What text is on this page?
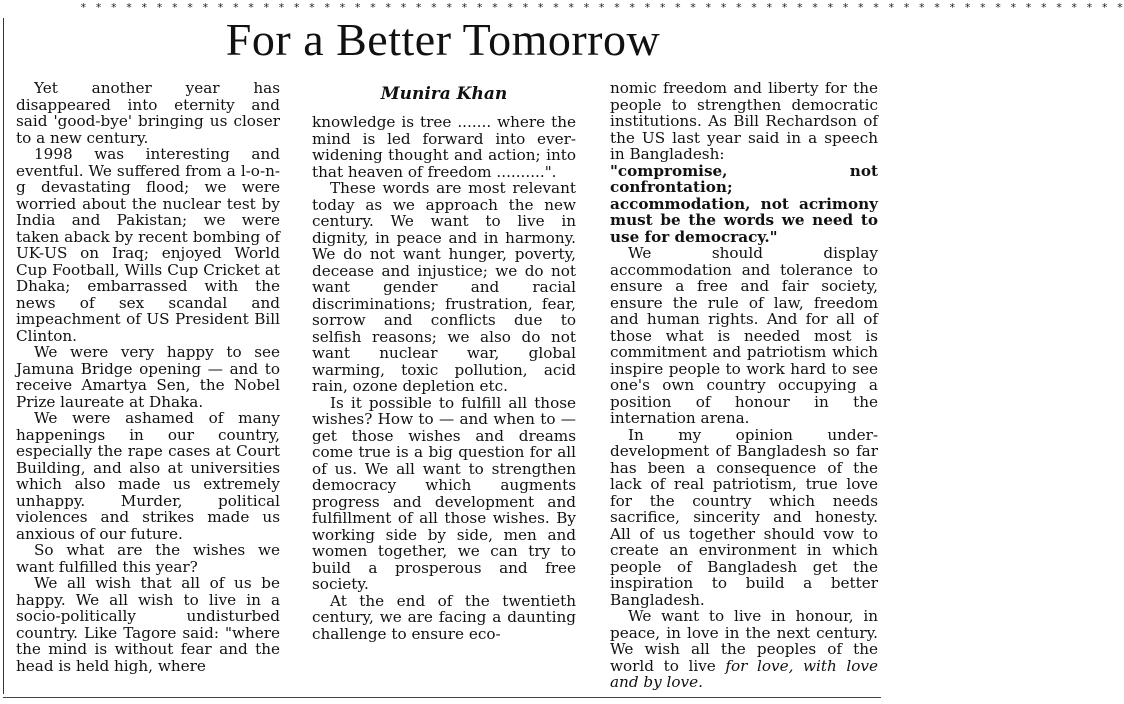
* * * * * * * * * * * * * * * * * * * * * * * * * * * * * * * * * * * * * * * * * * * * * * * * * * * * * * * * * * * * * * * * * * * * *
For a Better Tomorrow

Yet another year has disappeared into eternity and said 'good-bye' bringing us closer to a new century.

1998 was interesting and eventful. We suffered from a l-o-n-g devastating flood; we were worried about the nuclear test by India and Pakistan; we were taken aback by recent bombing of UK-US on Iraq; enjoyed World Cup Football, Wills Cup Cricket at Dhaka; embarrassed with the news of sex scandal and impeachment of US President Bill Clinton.

We were very happy to see Jamuna Bridge opening — and to receive Amartya Sen, the Nobel Prize laureate at Dhaka.

We were ashamed of many happenings in our country, especially the rape cases at Court Building, and also at universities which also made us extremely unhappy. Murder, political violences and strikes made us anxious of our future.

So what are the wishes we want fulfilled this year?

We all wish that all of us be happy. We all wish to live in a socio-politically undisturbed country. Like Tagore said: "where the mind is without fear and the head is held high, where

Munira Khan

knowledge is tree ....... where the mind is led forward into ever-widening thought and action; into that heaven of freedom ..........".

These words are most relevant today as we approach the new century. We want to live in dignity, in peace and in harmony. We do not want hunger, poverty, decease and injustice; we do not want gender and racial discriminations; frustration, fear, sorrow and conflicts due to selfish reasons; we also do not want nuclear war, global warming, toxic pollution, acid rain, ozone depletion etc.

Is it possible to fulfill all those wishes? How to — and when to — get those wishes and dreams come true is a big question for all of us. We all want to strengthen democracy which augments progress and development and fulfillment of all those wishes. By working side by side, men and women together, we can try to build a prosperous and free society.

At the end of the twentieth century, we are facing a daunting challenge to ensure eco-

nomic freedom and liberty for the people to strengthen democratic institutions. As Bill Rechardson of the US last year said in a speech in Bangladesh:

"compromise, not confrontation; accommodation, not acrimony must be the words we need to use for democracy."

We should display accommodation and tolerance to ensure a free and fair society, ensure the rule of law, freedom and human rights. And for all of those what is needed most is commitment and patriotism which inspire people to work hard to see one's own country occupying a position of honour in the internation arena.

In my opinion under-development of Bangladesh so far has been a consequence of the lack of real patriotism, true love for the country which needs sacrifice, sincerity and honesty. All of us together should vow to create an environment in which people of Bangladesh get the inspiration to build a better Bangladesh.

We want to live in honour, in peace, in love in the next century. We wish all the peoples of the world to live for love, with love and by love.
